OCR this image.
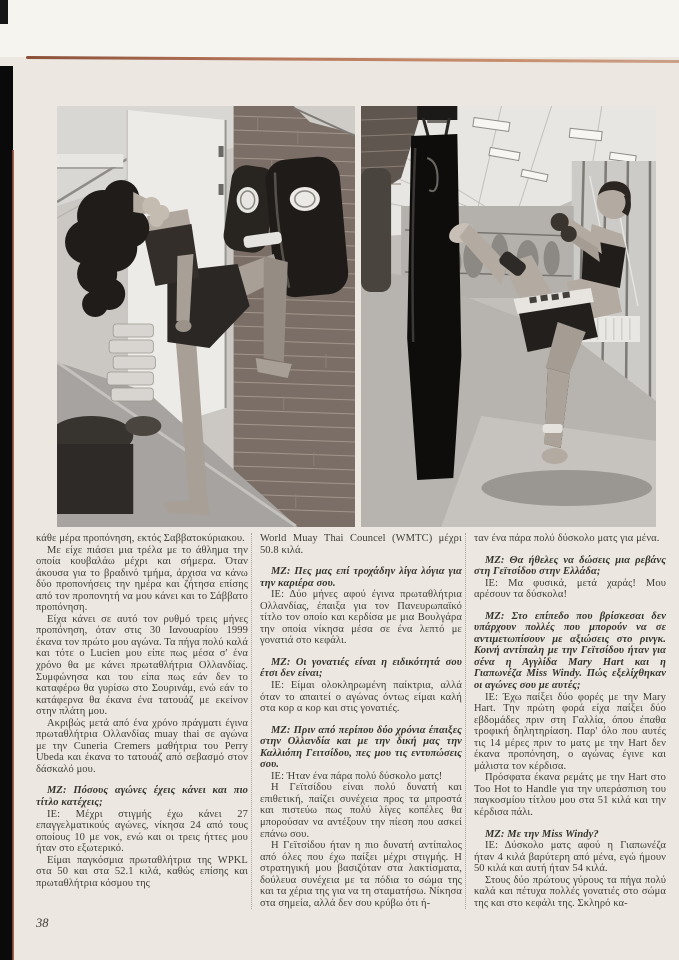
κάθε μέρα προπόνηση, εκτός Σαββατοκύριακου.

Με είχε πιάσει μια τρέλα με το άθλημα την οποία κουβαλάω μέχρι και σήμερα. Όταν άκουσα για το βραδινό τμήμα, άρχισα να κάνω δύο προπονήσεις την ημέρα και ζήτησα επίσης από τον προπονητή να μου κάνει και το Σάββατο προπόνηση.

Είχα κάνει σε αυτό τον ρυθμό τρεις μήνες προπόνηση, όταν στις 30 Ιανουαρίου 1999 έκανα τον πρώτο μου αγώνα. Τα πήγα πολύ καλά και τότε ο Lucien μου είπε πως μέσα σ' ένα χρόνο θα με κάνει πρωταθλήτρια Ολλανδίας. Συμφώνησα και του είπα πως εάν δεν το καταφέρω θα γυρίσω στο Σουρινάμ, ενώ εάν το κατάφερνα θα έκανα ένα τατουάζ με εκείνον στην πλάτη μου.

Ακριβώς μετά από ένα χρόνο πράγματι έγινα πρωταθλήτρια Ολλανδίας muay thai σε αγώνα με την Cuneria Cremers μαθήτρια του Perry Ubeda και έκανα το τατουάζ από σεβασμό στον δάσκαλό μου.

ΜΖ: Πόσους αγώνες έχεις κάνει και πιο τίτλο κατέχεις;

ΙΕ: Μέχρι στιγμής έχω κάνει 27 επαγγελματικούς αγώνες, νίκησα 24 από τους οποίους 10 με νοκ, ενώ και οι τρεις ήττες μου ήταν στο εξωτερικό.

Είμαι παγκόσμια πρωταθλήτρια της WPKL στα 50 και στα 52.1 κιλά, καθώς επίσης και πρωταθλήτρια κόσμου της

World Muay Thai Councel (WMTC) μέχρι 50.8 κιλά.

ΜΖ: Πες μας επί τροχάδην λίγα λόγια για την καριέρα σου.

ΙΕ: Δύο μήνες αφού έγινα πρωταθλήτρια Ολλανδίας, έπαιξα για τον Πανευρωπαϊκό τίτλο τον οποίο και κερδίσα με μια Βουλγάρα την οποία νίκησα μέσα σε ένα λεπτό με γονατιά στο κεφάλι.

ΜΖ: Οι γονατιές είναι η ειδικότητά σου έτσι δεν είναι;

ΙΕ: Είμαι ολοκληρωμένη παίκτρια, αλλά όταν το απαιτεί ο αγώνας όντως είμαι καλή στα κορ α κορ και στις γονατιές.

ΜΖ: Πριν από περίπου δύο χρόνια έπαιξες στην Ολλανδία και με την δική μας την Καλλιόπη Γειτσίδου, πες μου τις εντυπώσεις σου.

ΙΕ: Ήταν ένα πάρα πολύ δύσκολο ματς!

Η Γεϊτσίδου είναι πολύ δυνατή και επιθετική, παίζει συνέχεια προς τα μπροστά και πιστεύω πως πολύ λίγες κοπέλες θα μπορούσαν να αντέξουν την πίεση που ασκεί επάνω σου.

Η Γεϊτσίδου ήταν η πιο δυνατή αντίπαλος από όλες που έχω παίξει μέχρι στιγμής. Η στρατηγική μου βασιζόταν στα λακτίσματα, δούλευα συνέχεια με τα πόδια το σώμα της και τα χέρια της για να τη σταματήσω. Νίκησα στα σημεία, αλλά δεν σου κρύβω ότι ή-

ταν ένα πάρα πολύ δύσκολο ματς για μένα.

ΜΖ: Θα ήθελες να δώσεις μια ρεβάνς στη Γεϊτσίδου στην Ελλάδα;

ΙΕ: Μα φυσικά, μετά χαράς! Μου αρέσουν τα δύσκολα!

ΜΖ: Στο επίπεδο που βρίσκεσαι δεν υπάρχουν πολλές που μπορούν να σε αντιμετωπίσουν με αξιώσεις στο ρινγκ. Κοινή αντίπαλη με την Γεϊτσίδου ήταν για σένα η Αγγλίδα Mary Hart και η Γιαπωνέζα Miss Windy. Πώς εξελίχθηκαν οι αγώνες σου με αυτές;

ΙΕ: Έχω παίξει δύο φορές με την Mary Hart. Την πρώτη φορά είχα παίξει δύο εβδομάδες πριν στη Γαλλία, όπου έπαθα τροφική δηλητηρίαση. Παρ' όλο που αυτές τις 14 μέρες πριν το ματς με την Hart δεν έκανα προπόνηση, ο αγώνας έγινε και μάλιστα τον κέρδισα.

Πρόσφατα έκανα ρεμάτς με την Hart στο Too Hot to Handle για την υπεράσπιση του παγκοσμίου τίτλου μου στα 51 κιλά και την κέρδισα πάλι.

ΜΖ: Με την Miss Windy?

ΙΕ: Δύσκολο ματς αφού η Γιαπωνέζα ήταν 4 κιλά βαρύτερη από μένα, εγώ ήμουν 50 κιλά και αυτή ήταν 54 κιλά.

Στους δύο πρώτους γύρους τα πήγα πολύ καλά και πέτυχα πολλές γονατιές στο σώμα της και στο κεφάλι της. Σκληρό κα-

38
